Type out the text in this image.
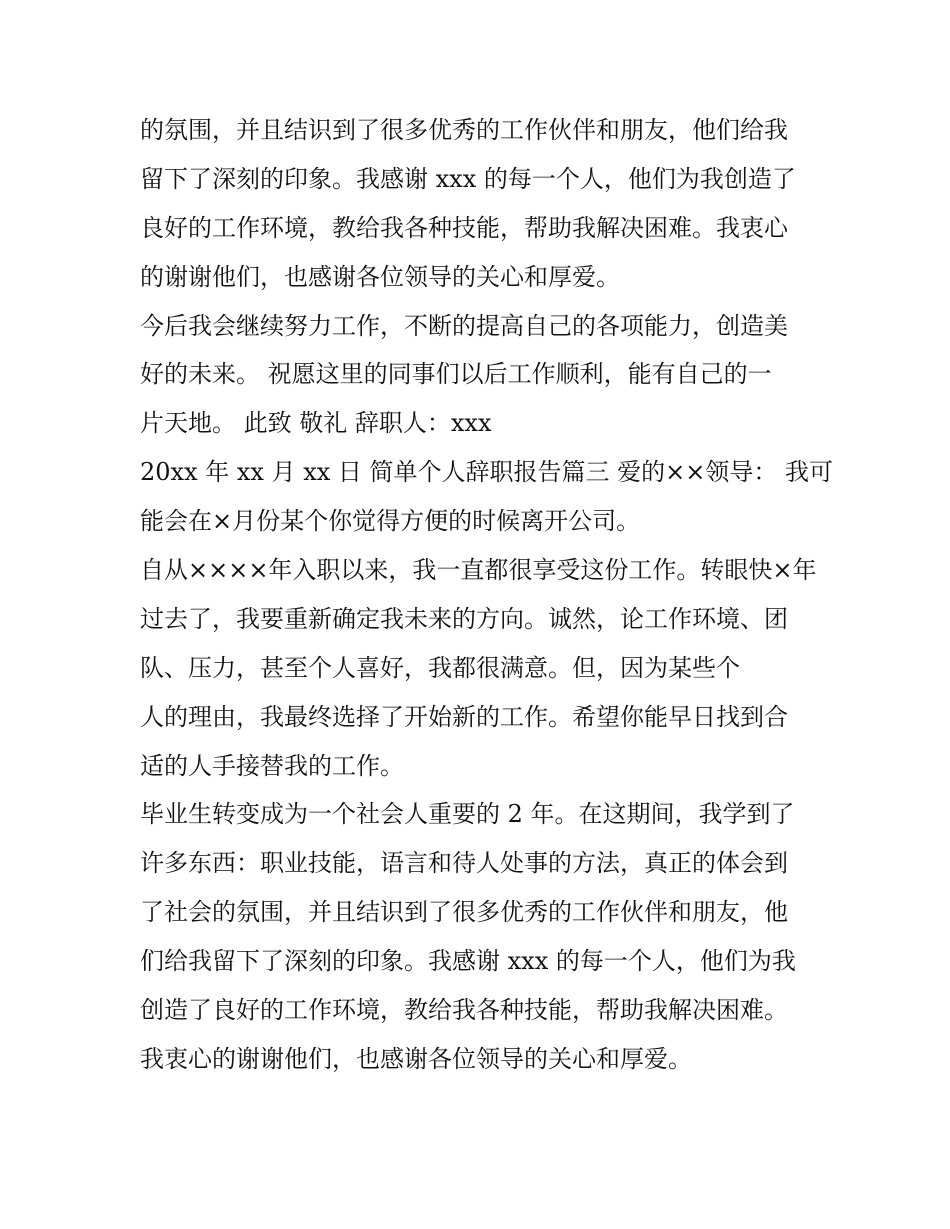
的氛围，并且结识到了很多优秀的工作伙伴和朋友，他们给我

留下了深刻的印象。我感谢 xxx 的每一个人，他们为我创造了

良好的工作环境，教给我各种技能，帮助我解决困难。我衷心

的谢谢他们，也感谢各位领导的关心和厚爱。

今后我会继续努力工作，不断的提高自己的各项能力，创造美

好的未来。 祝愿这里的同事们以后工作顺利，能有自己的一

片天地。 此致 敬礼 辞职人：xxx

20xx 年 xx 月 xx 日 简单个人辞职报告篇三 爱的××领导： 我可

能会在×月份某个你觉得方便的时候离开公司。

自从××××年入职以来，我一直都很享受这份工作。转眼快×年

过去了，我要重新确定我未来的方向。诚然，论工作环境、团

队、压力，甚至个人喜好，我都很满意。但，因为某些个

人的理由，我最终选择了开始新的工作。希望你能早日找到合

适的人手接替我的工作。

毕业生转变成为一个社会人重要的 2 年。在这期间，我学到了

许多东西：职业技能，语言和待人处事的方法，真正的体会到

了社会的氛围，并且结识到了很多优秀的工作伙伴和朋友，他

们给我留下了深刻的印象。我感谢 xxx 的每一个人，他们为我

创造了良好的工作环境，教给我各种技能，帮助我解决困难。

我衷心的谢谢他们，也感谢各位领导的关心和厚爱。
